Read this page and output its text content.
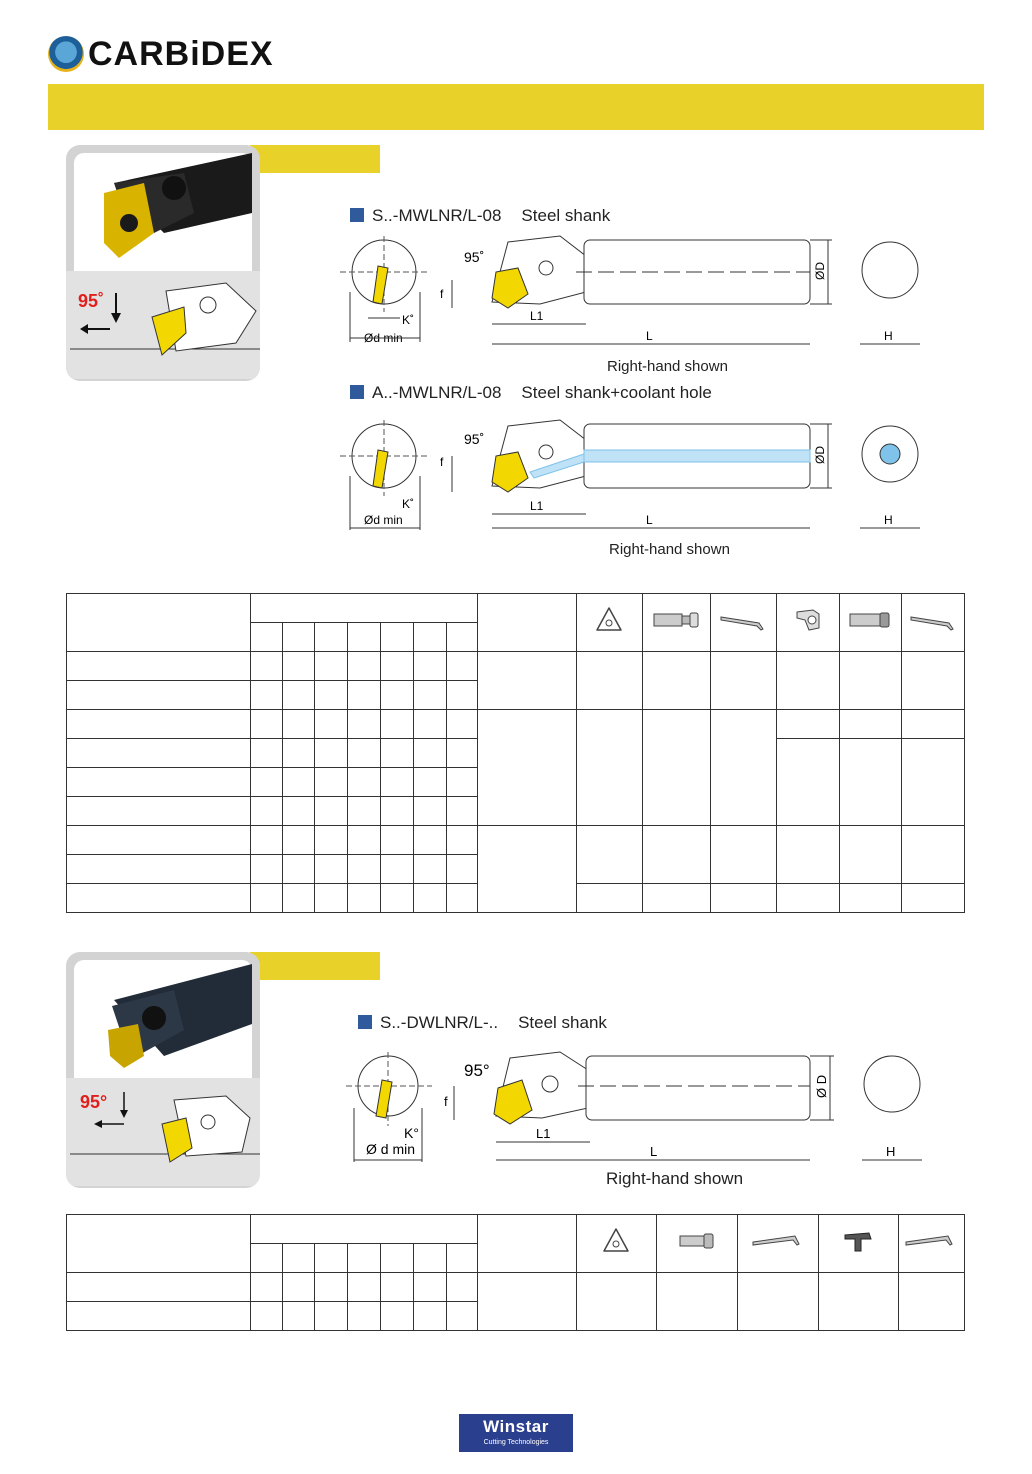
CARBiDEX
95˚
S..-MWLNR/L-08 Steel shank
Ød min
K˚
95˚
f
ØD
L1
L	H
Right-hand shown
A..-MWLNR/L-08 Steel shank+coolant hole
Ød min
K˚
95˚
f	ØD
L1
L	H
Right-hand shown

95°
S..-DWLNR/L-.. Steel shank
Ø d min
K°
95°
f
Ø D
L1
L	H
Right-hand shown

Winstar
Cutting Technologies
